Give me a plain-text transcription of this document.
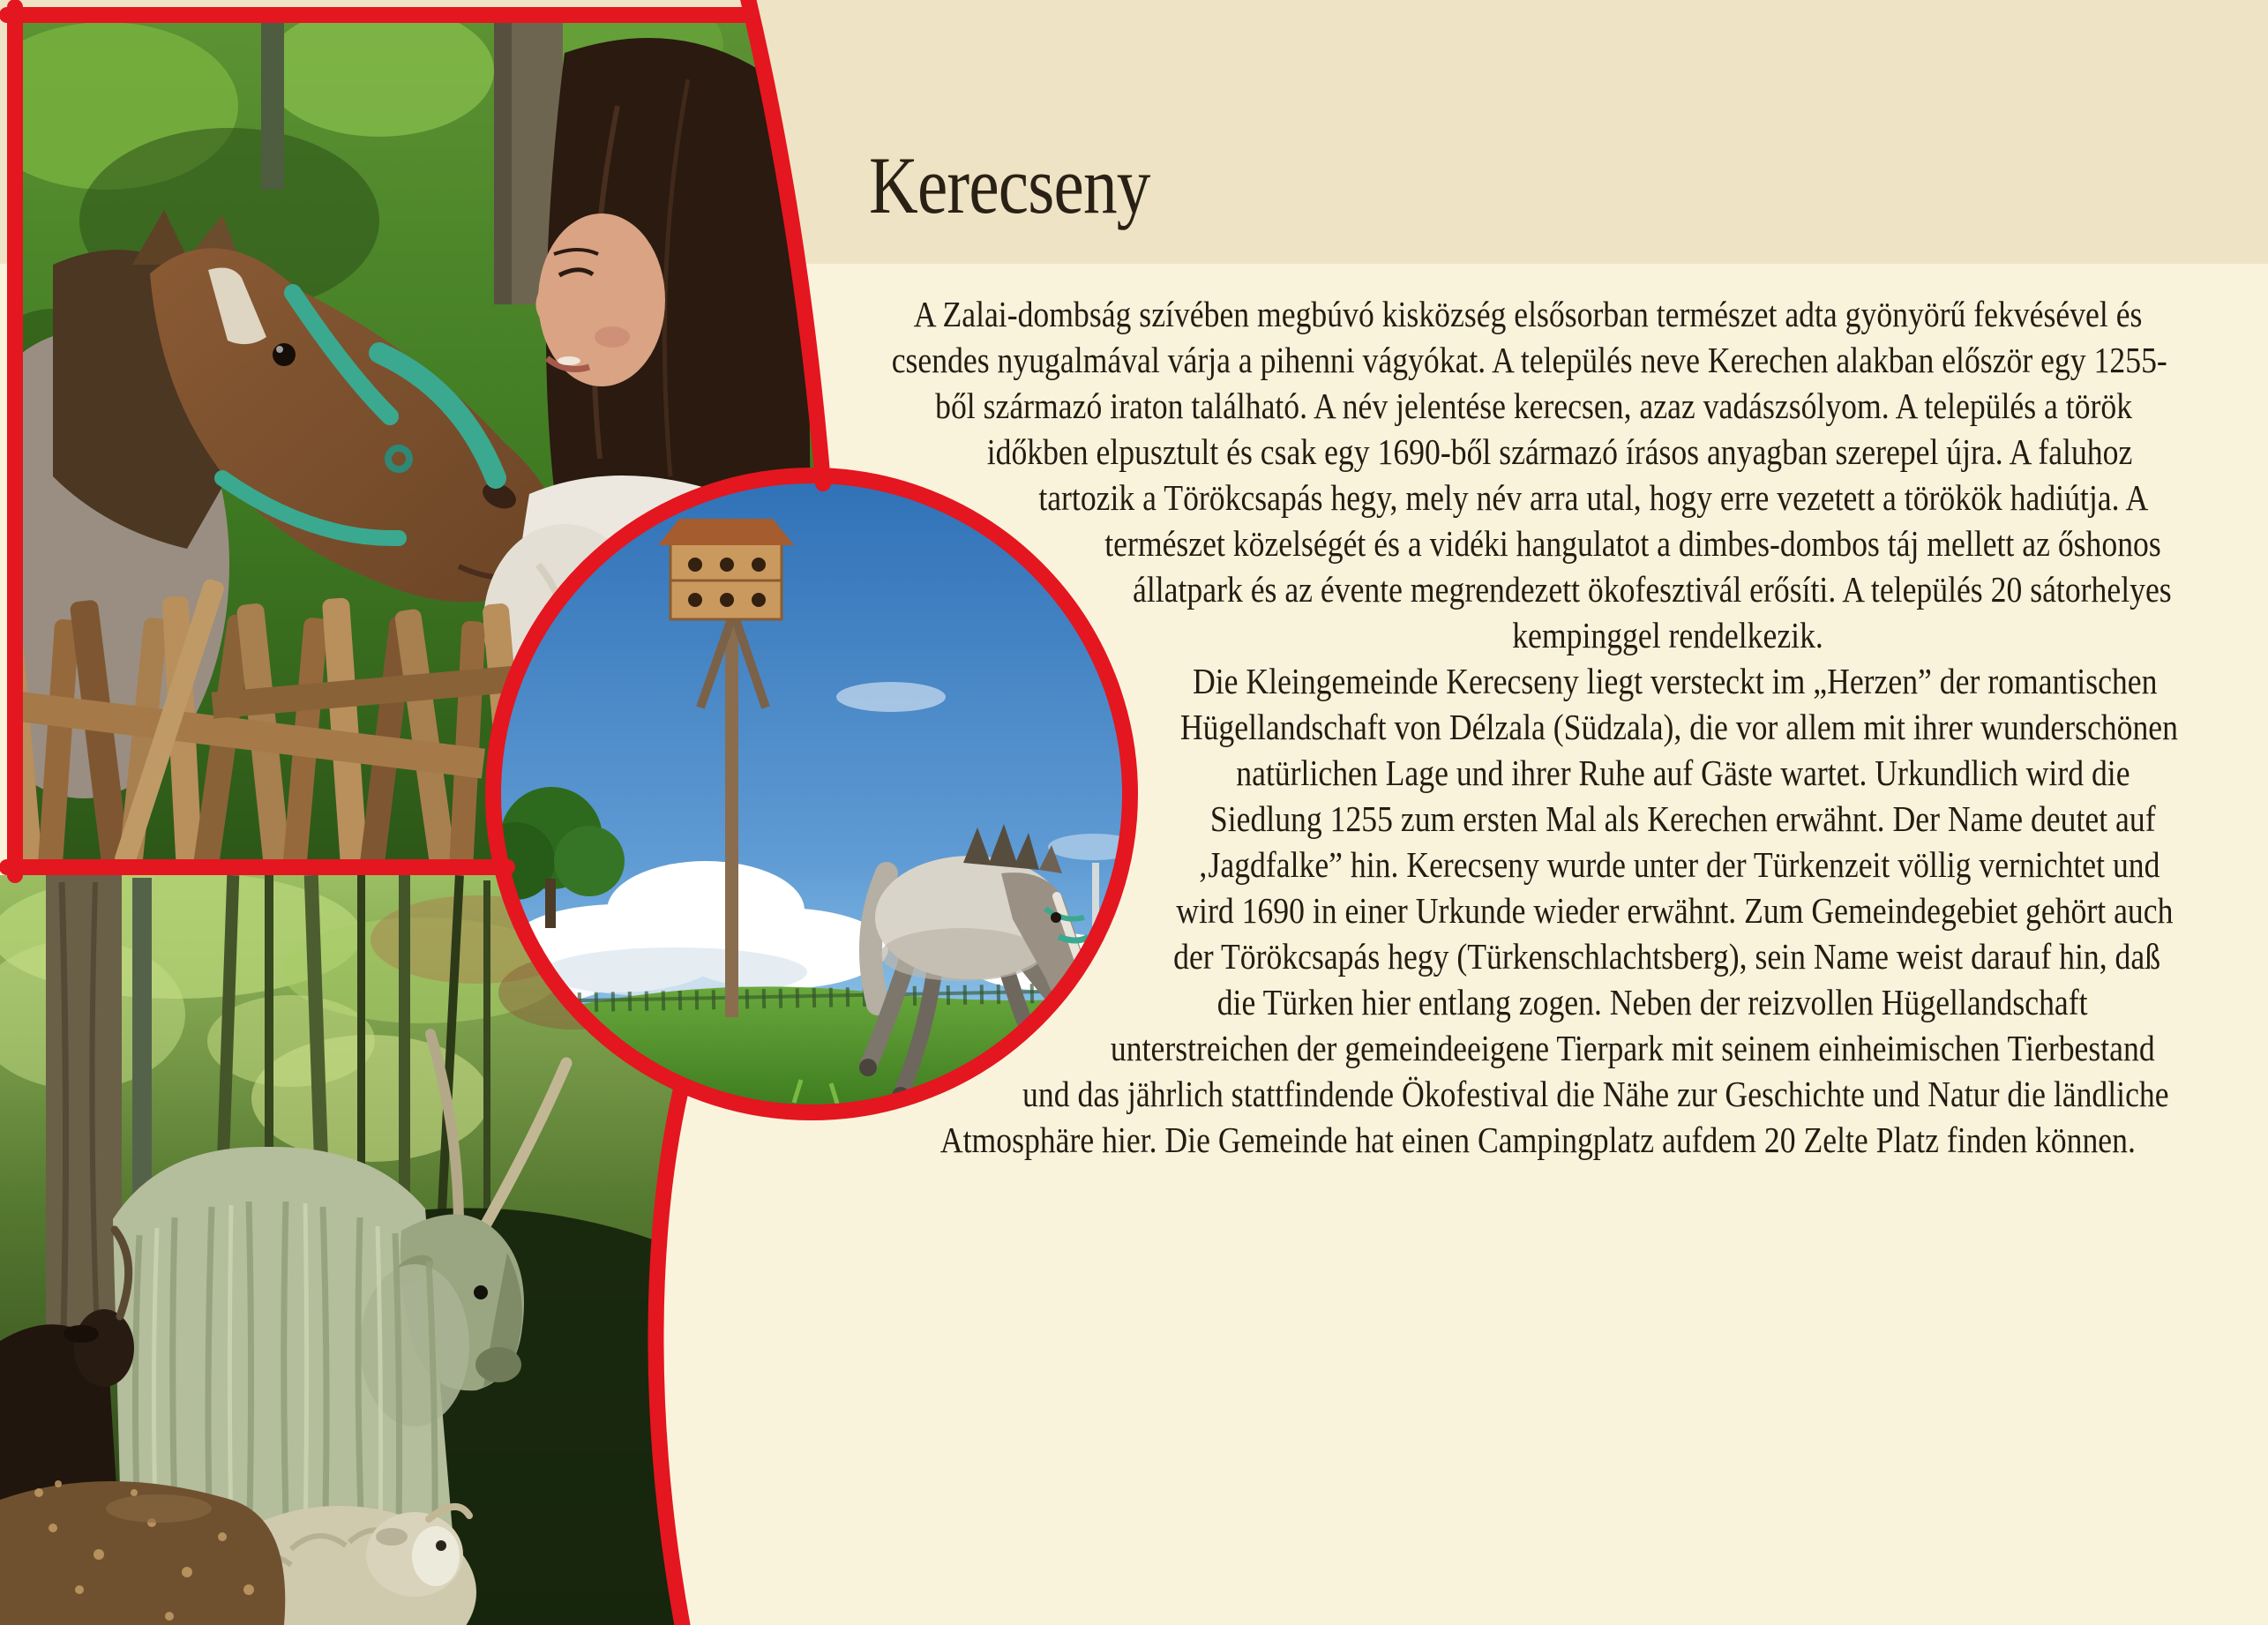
Kerecseny

A Zalai-dombság szívében megbúvó kisközség elsősorban természet adta gyönyörű fekvésével és csendes nyugalmával várja a pihenni vágyókat. A település neve Kerechen alakban először egy 1255-ből származó iraton található. A név jelentése kerecsen, azaz vadászsólyom. A település a török időkben elpusztult és csak egy 1690-ből származó írásos anyagban szerepel újra. A faluhoz tartozik a Törökcsapás hegy, mely név arra utal, hogy erre vezetett a törökök hadiútja. A természet közelségét és a vidéki hangulatot a dimbes-dombos táj mellett az őshonos állatpark és az évente megrendezett ökofesztivál erősíti. A település 20 sátorhelyes kempinggel rendelkezik.

Die Kleingemeinde Kerecseny liegt versteckt im „Herzen” der romantischen Hügellandschaft von Délzala (Südzala), die vor allem mit ihrer wunderschönen natürlichen Lage und ihrer Ruhe auf Gäste wartet. Urkundlich wird die Siedlung 1255 zum ersten Mal als Kerechen erwähnt. Der Name deutet auf ‚Jagdfalke” hin. Kerecseny wurde unter der Türkenzeit völlig vernichtet und wird 1690 in einer Urkunde wieder erwähnt. Zum Gemeindegebiet gehört auch der Törökcsapás hegy (Türkenschlachtsberg), sein Name weist darauf hin, daß die Türken hier entlang zogen. Neben der reizvollen Hügellandschaft unterstreichen der gemeindeeigene Tierpark mit seinem einheimischen Tierbestand und das jährlich stattfindende Ökofestival die Nähe zur Geschichte und Natur die ländliche Atmosphäre hier. Die Gemeinde hat einen Campingplatz aufdem 20 Zelte Platz finden können.
